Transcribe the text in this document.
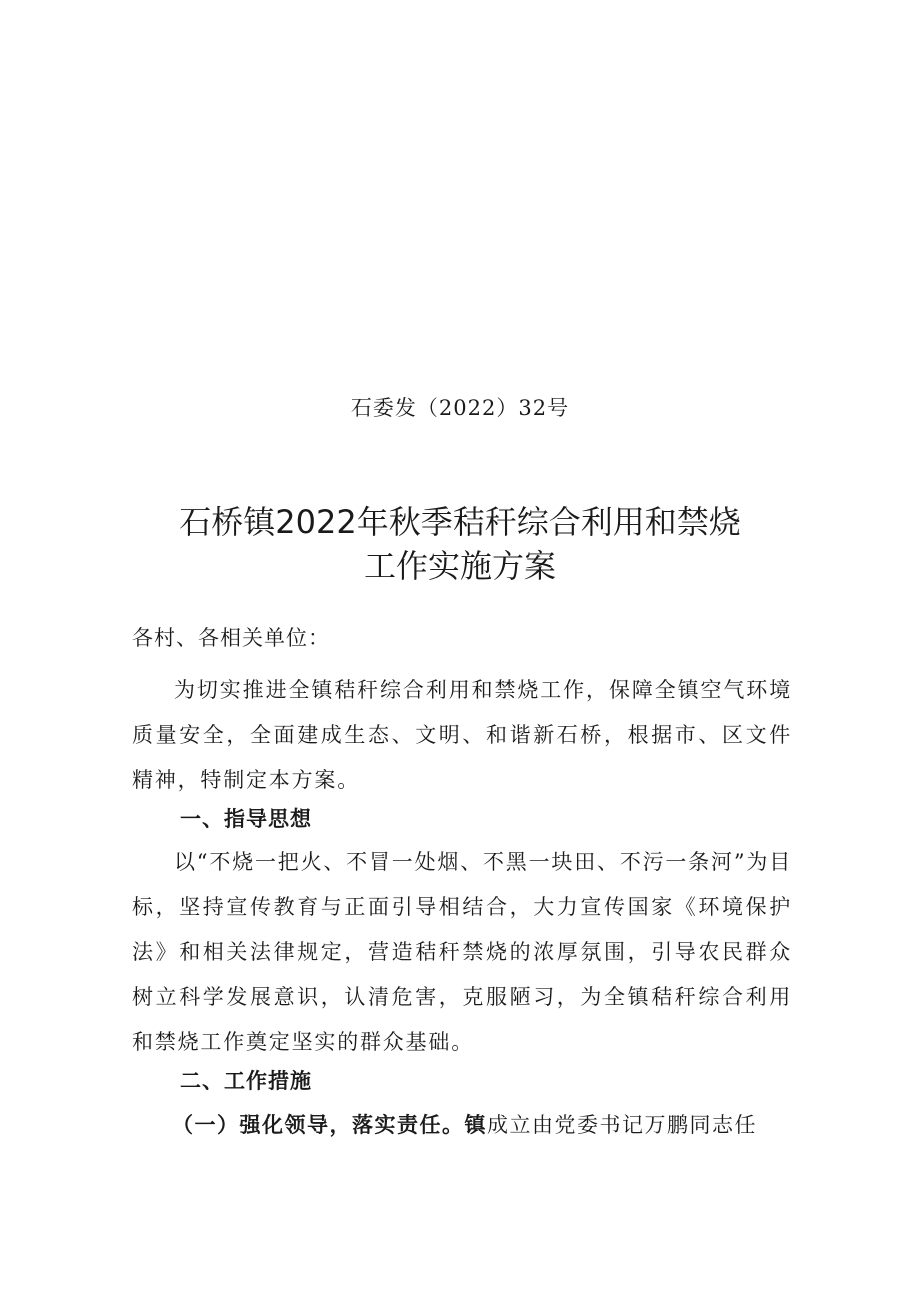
石委发（2022）32号
石桥镇2022年秋季秸秆综合利用和禁烧
工作实施方案
各村、各相关单位：

为切实推进全镇秸秆综合利用和禁烧工作，保障全镇空气环境质量安全，全面建成生态、文明、和谐新石桥，根据市、区文件精神，特制定本方案。

一、指导思想

以“不烧一把火、不冒一处烟、不黑一块田、不污一条河”为目标，坚持宣传教育与正面引导相结合，大力宣传国家《环境保护法》和相关法律规定，营造秸秆禁烧的浓厚氛围，引导农民群众树立科学发展意识，认清危害，克服陋习，为全镇秸秆综合利用和禁烧工作奠定坚实的群众基础。

二、工作措施
（一）强化领导，落实责任。镇成立由党委书记万鹏同志任
